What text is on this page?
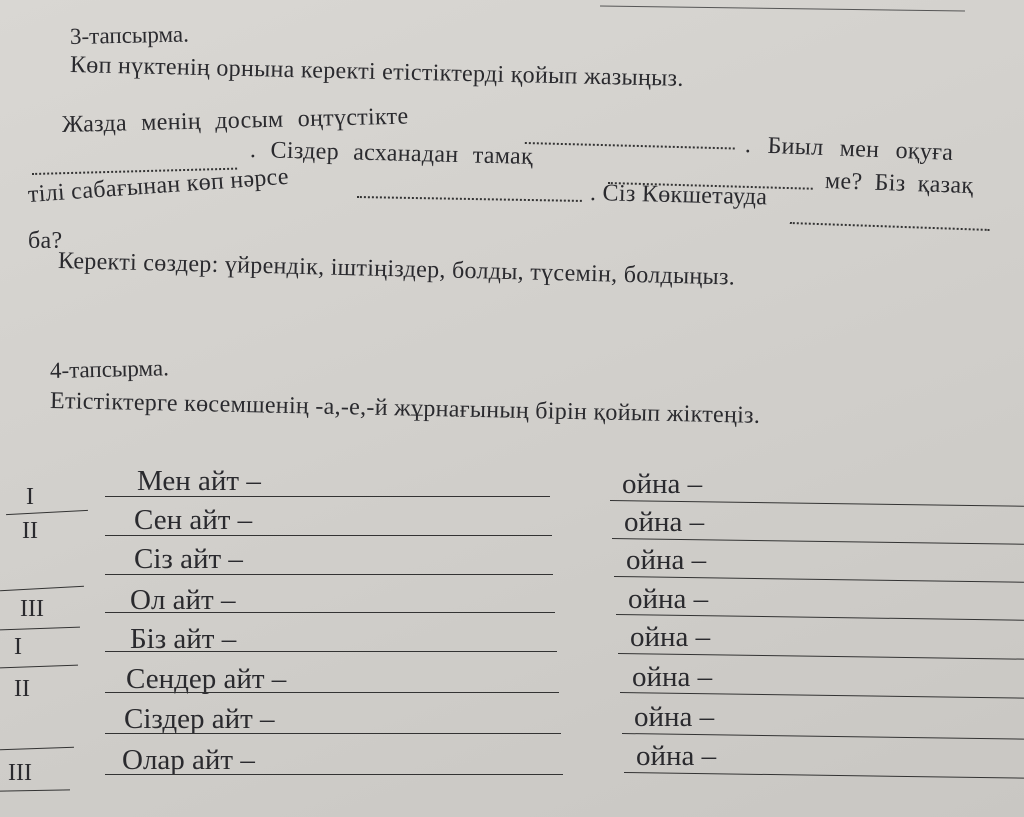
3-тапсырма.
Көп нүктенің орнына керекті етістіктерді қойып жазыңыз.
Жазда менің досым оңтүстікте
. Биыл мен оқуға
. Сіздер асханадан тамақ
ме? Біз қазақ
тілі сабағынан көп нәрсе	. Сіз Көкшетауда
ба?
Керекті сөздер: үйрендік, іштіңіздер, болды, түсемін, болдыңыз.
4-тапсырма.
Етістіктерге көсемшенің -а,-е,-й жұрнағының бірін қойып жіктеңіз.
I
II
III
I
II
III
Мен айт –
Сен айт –
Сіз айт –
Ол айт –
Біз айт –
Сендер айт –
Сіздер айт –
Олар айт –
ойна –
ойна –
ойна –
ойна –
ойна –
ойна –
ойна –
ойна –
